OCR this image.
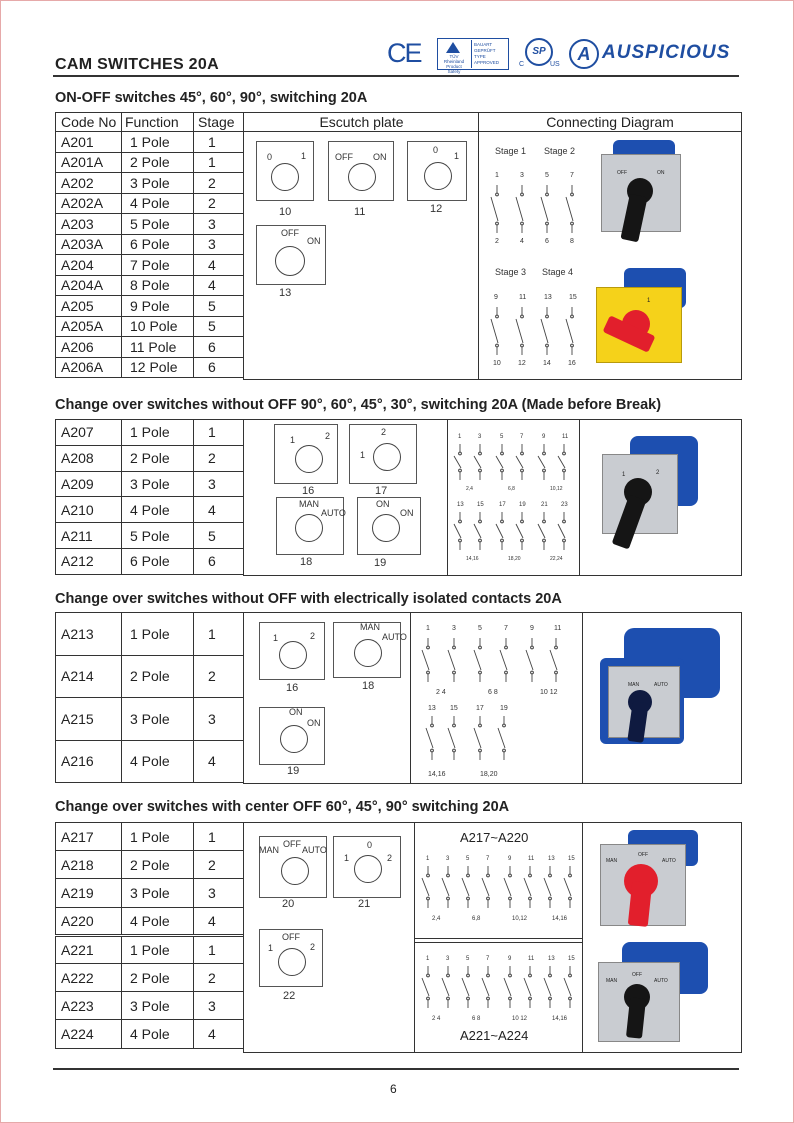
CAM SWITCHES 20A	CE	TÜV
Rheinland
Product Safety
BAUART
GEPRÜFT
TYPE
APPROVED
SP
C	US
A AUSPICIOUS
ON-OFF switches 45°, 60°, 90°, switching 20A
Code No	Function	Stage
A201	1 Pole	1
A201A	2 Pole	1
A202	3 Pole	2
A202A	4 Pole	2
A203	5 Pole	3
A203A	6 Pole	3
A204	7 Pole	4
A204A	8 Pole	4
A205	9 Pole	5
A205A	10 Pole	5
A206	11 Pole	6
A206A	12 Pole	6
Escutch plate	Connecting Diagram
0	1
10
OFF ON
11
0
1
12
OFF
ON
13
Stage 1 Stage 2
Stage 3 Stage 4
1	3	5	7
2	4	6	8
9	11	13 15
10 12 14 16
OFF	ON
1
Change over switches without OFF 90°, 60°, 45°, 30°, switching 20A (Made before Break)
A207	1 Pole	1
A208	2 Pole	2
A209	3 Pole	3
A210	4 Pole	4
A211	5 Pole	5
A212	6 Pole	6
1	2
16
2
1
17
MAN
AUTO
18
ON
ON
19
1	3	5	7	9	11
2,4	6,8	10,12
13 15	17 19	21 23
14,16	18,20	22,24
1	2
Change over switches without OFF with electrically isolated contacts 20A
A213	1 Pole	1
A214	2 Pole	2
A215	3 Pole	3
A216	4 Pole	4
1	2
16
MAN
AUTO
18
ON
ON
19
1	3	5	7	9	11
2 4	6 8	10 12
13 15	17 19
14,16	18,20
MAN	AUTO
Change over switches with center OFF 60°, 45°, 90° switching 20A
A217	1 Pole	1
A218	2 Pole	2
A219	3 Pole	3
A220	4 Pole	4
A221	1 Pole	1
A222	2 Pole	2
A223	3 Pole	3
A224	4 Pole	4
MAN
OFF
AUTO
20
1
0
2
21
1
OFF
2
22
A217~A220
A221~A224
1	3	5	7	9	11 13 15
2,4	6,8	10,12	14,16
1	3	5	7	9	11 13 15
2 4	6 8	10 12	14,16
MAN
OFF
AUTO
MAN
OFF
AUTO
6
